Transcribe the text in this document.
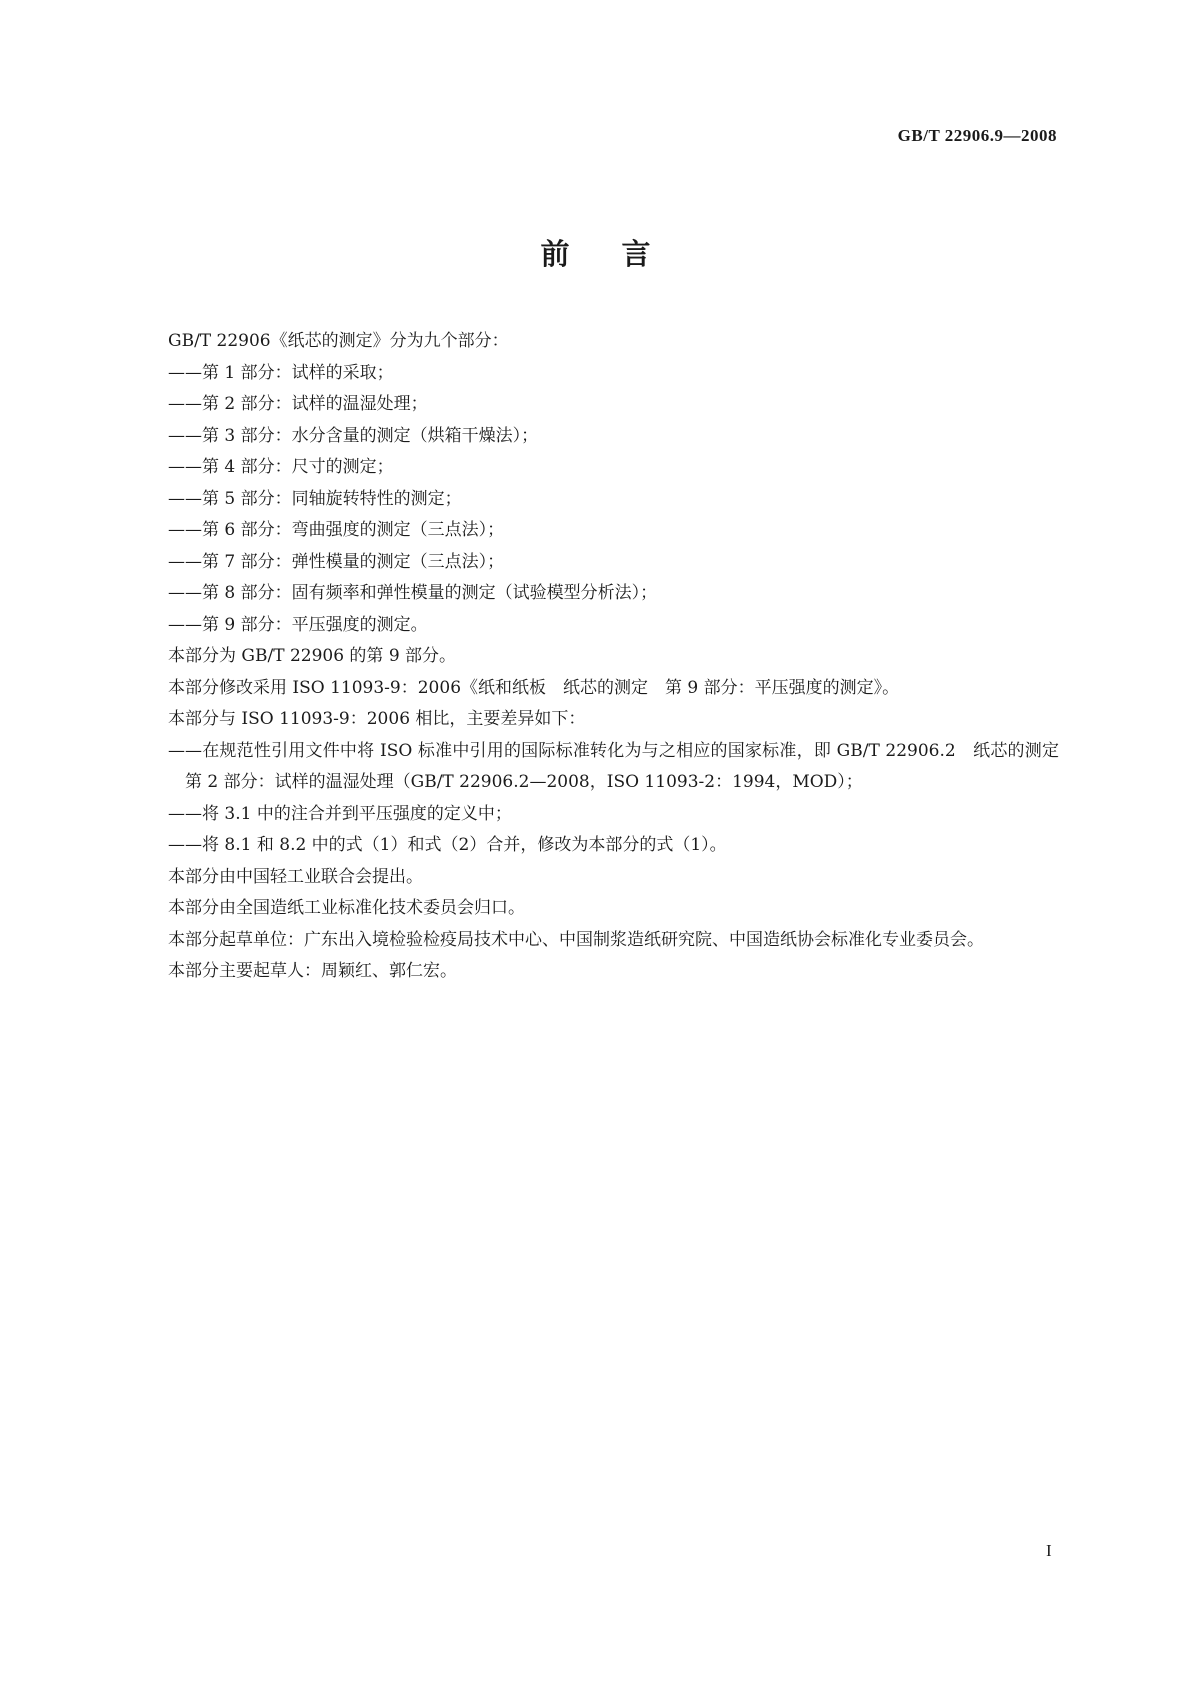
GB/T 22906.9—2008
前言

GB/T 22906《纸芯的测定》分为九个部分：

——第 1 部分：试样的采取；

——第 2 部分：试样的温湿处理；

——第 3 部分：水分含量的测定（烘箱干燥法）；

——第 4 部分：尺寸的测定；

——第 5 部分：同轴旋转特性的测定；

——第 6 部分：弯曲强度的测定（三点法）；

——第 7 部分：弹性模量的测定（三点法）；

——第 8 部分：固有频率和弹性模量的测定（试验模型分析法）；

——第 9 部分：平压强度的测定。

本部分为 GB/T 22906 的第 9 部分。

本部分修改采用 ISO 11093-9：2006《纸和纸板　纸芯的测定　第 9 部分：平压强度的测定》。

本部分与 ISO 11093-9：2006 相比，主要差异如下：

——在规范性引用文件中将 ISO 标准中引用的国际标准转化为与之相应的国家标准，即 GB/T 22906.2　纸芯的测定　第 2 部分：试样的温湿处理（GB/T 22906.2—2008，ISO 11093-2：1994，MOD）；

——将 3.1 中的注合并到平压强度的定义中；

——将 8.1 和 8.2 中的式（1）和式（2）合并，修改为本部分的式（1）。

本部分由中国轻工业联合会提出。

本部分由全国造纸工业标准化技术委员会归口。

本部分起草单位：广东出入境检验检疫局技术中心、中国制浆造纸研究院、中国造纸协会标准化专业委员会。

本部分主要起草人：周颖红、郭仁宏。

I
